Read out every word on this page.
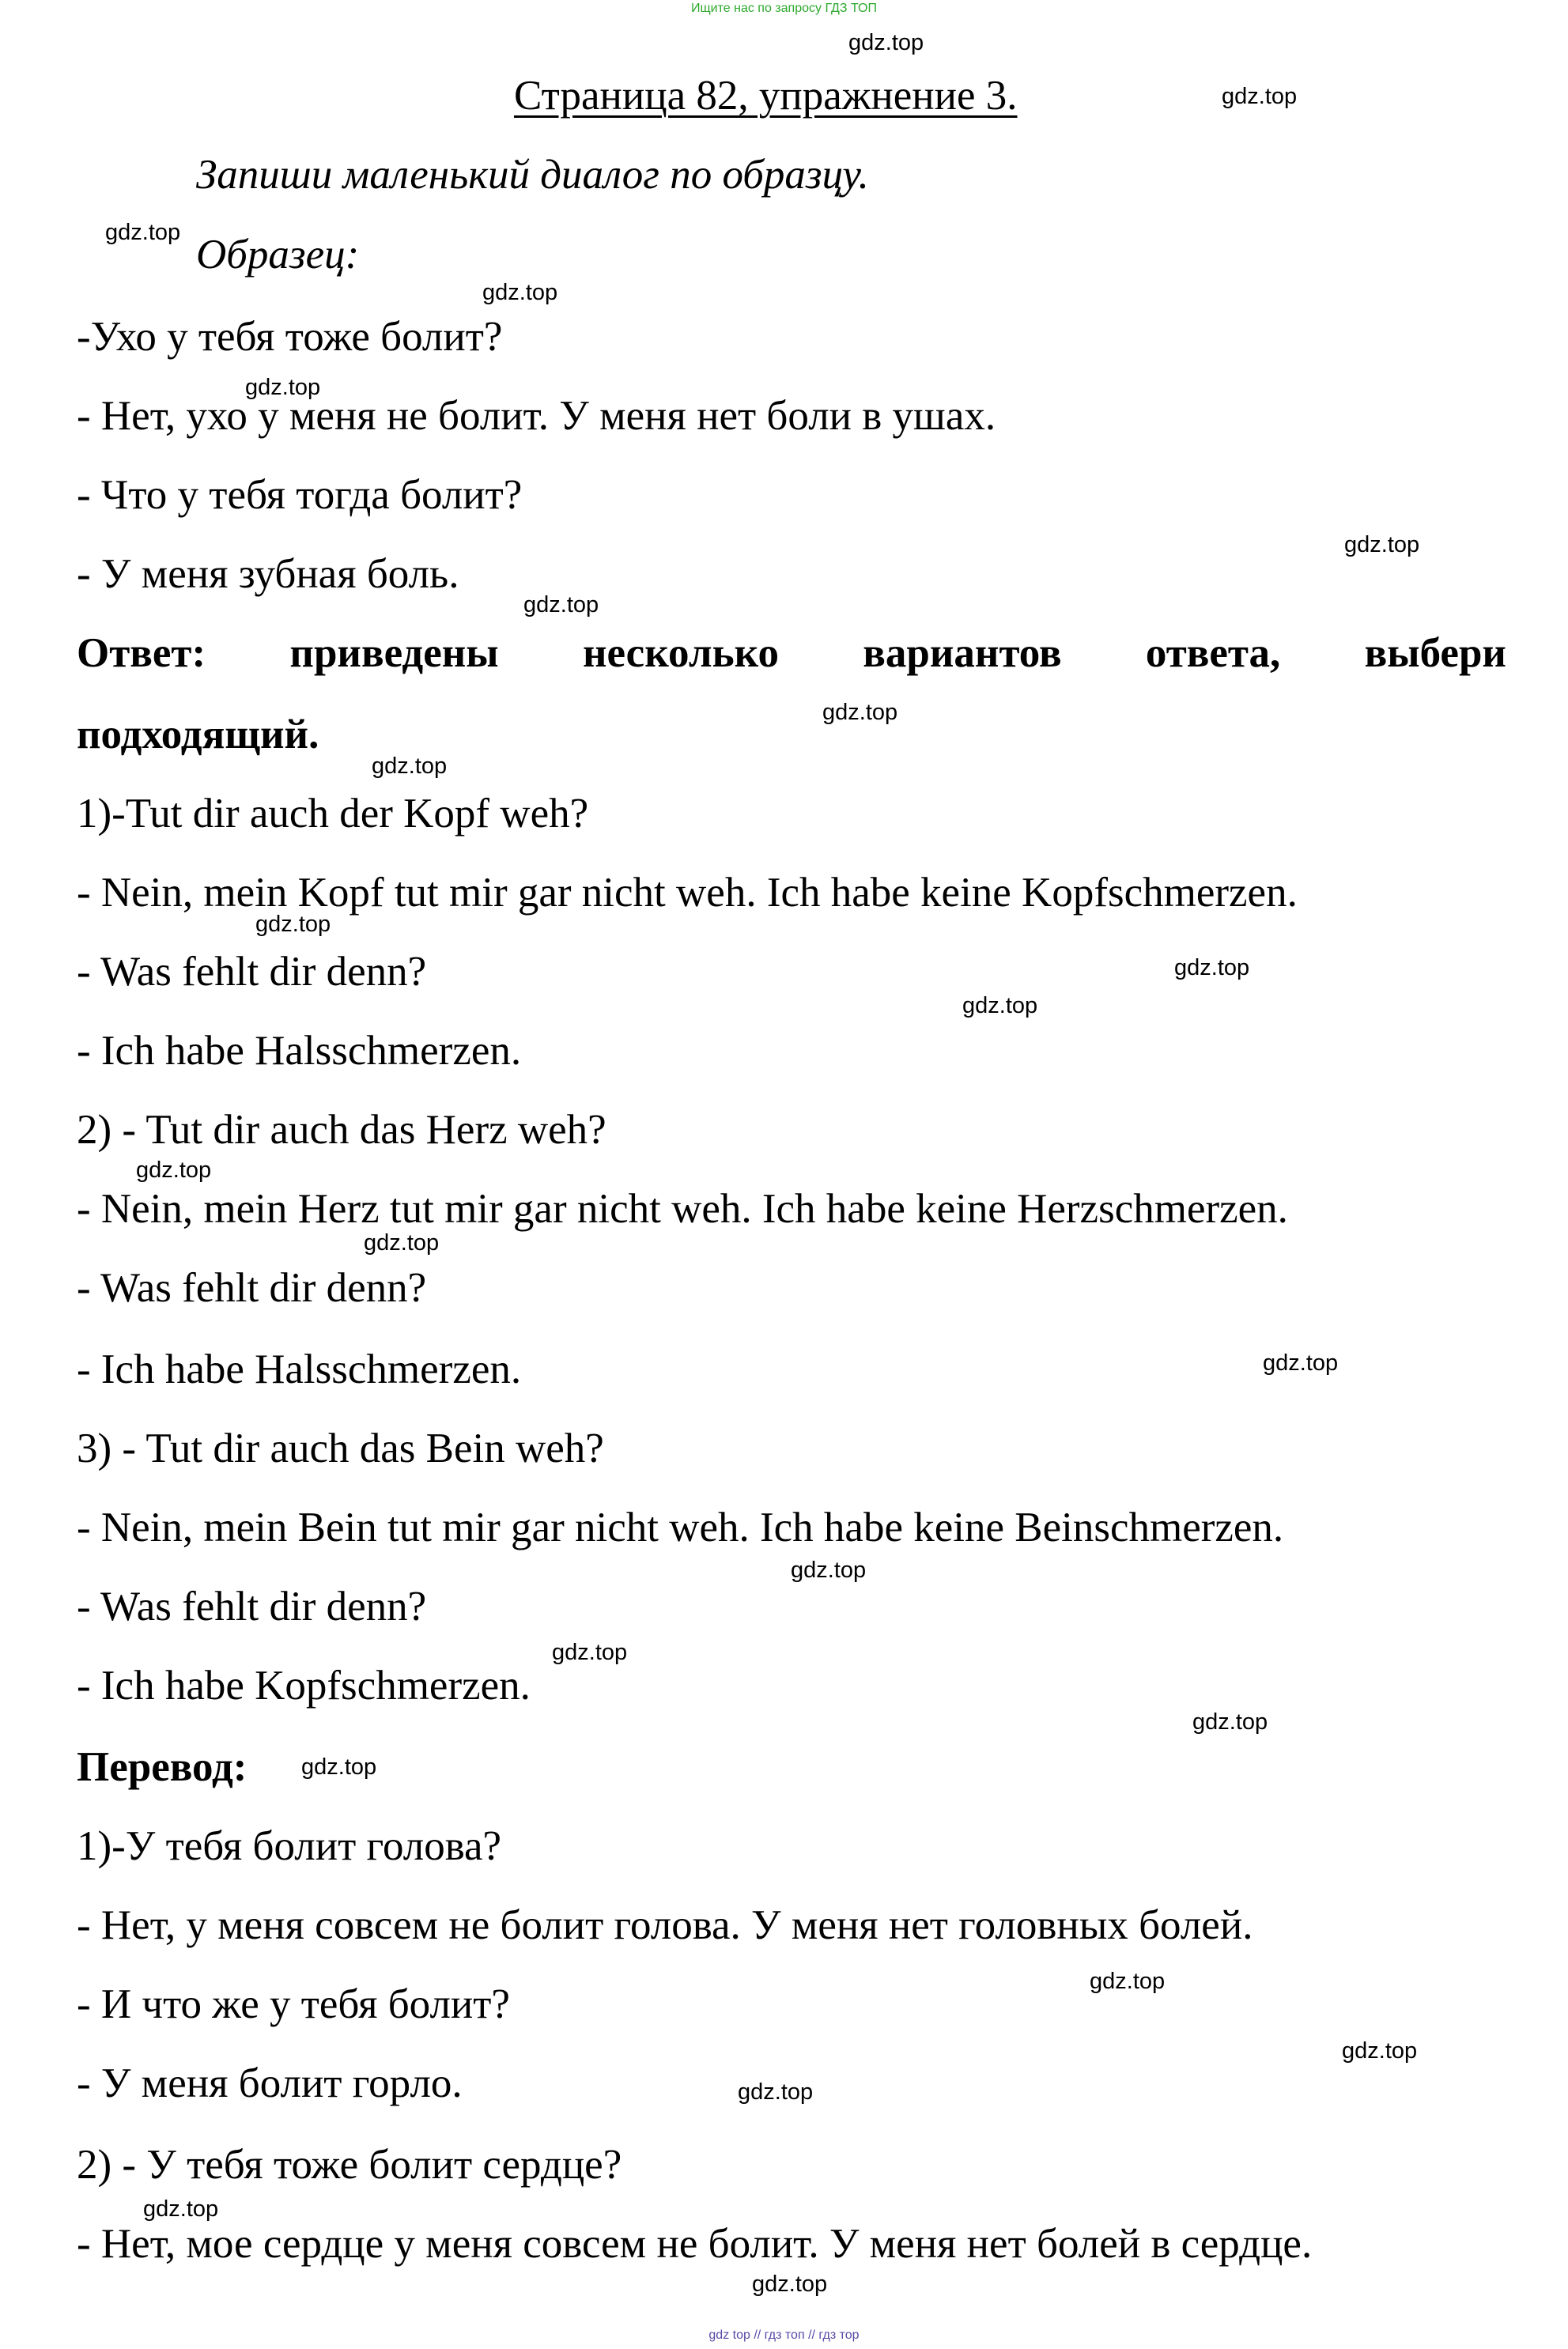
Ищите нас по запросу ГДЗ ТОП
Страница 82, упражнение 3.
Запиши маленький диалог по образцу.
Образец:
-Ухо у тебя тоже болит?
- Нет, ухо у меня не болит. У меня нет боли в ушах.
- Что у тебя тогда болит?
- У меня зубная боль.
Ответ: приведены несколько вариантов ответа, выбери
подходящий.
1)-Tut dir auch der Kopf weh?
- Nein, mein Kopf tut mir gar nicht weh. Ich habe keine Kopfschmerzen.
- Was fehlt dir denn?
- Ich habe Halsschmerzen.
2) - Tut dir auch das Herz weh?
- Nein, mein Herz tut mir gar nicht weh. Ich habe keine Herzschmerzen.
- Was fehlt dir denn?
- Ich habe Halsschmerzen.
3) - Tut dir auch das Bein weh?
- Nein, mein Bein tut mir gar nicht weh. Ich habe keine Beinschmerzen.
- Was fehlt dir denn?
- Ich habe Kopfschmerzen.
Перевод:
1)-У тебя болит голова?
- Нет, у меня совсем не болит голова. У меня нет головных болей.
- И что же у тебя болит?
- У меня болит горло.
2) - У тебя тоже болит сердце?
- Нет, мое сердце у меня совсем не болит. У меня нет болей в сердце.
gdz.top
gdz.top
gdz.top
gdz.top
gdz.top
gdz.top
gdz.top
gdz.top
gdz.top
gdz.top
gdz.top
gdz.top
gdz.top
gdz.top
gdz.top
gdz.top
gdz.top
gdz.top
gdz.top
gdz.top
gdz.top
gdz.top
gdz.top
gdz.top
gdz top // гдз топ // гдз тор
